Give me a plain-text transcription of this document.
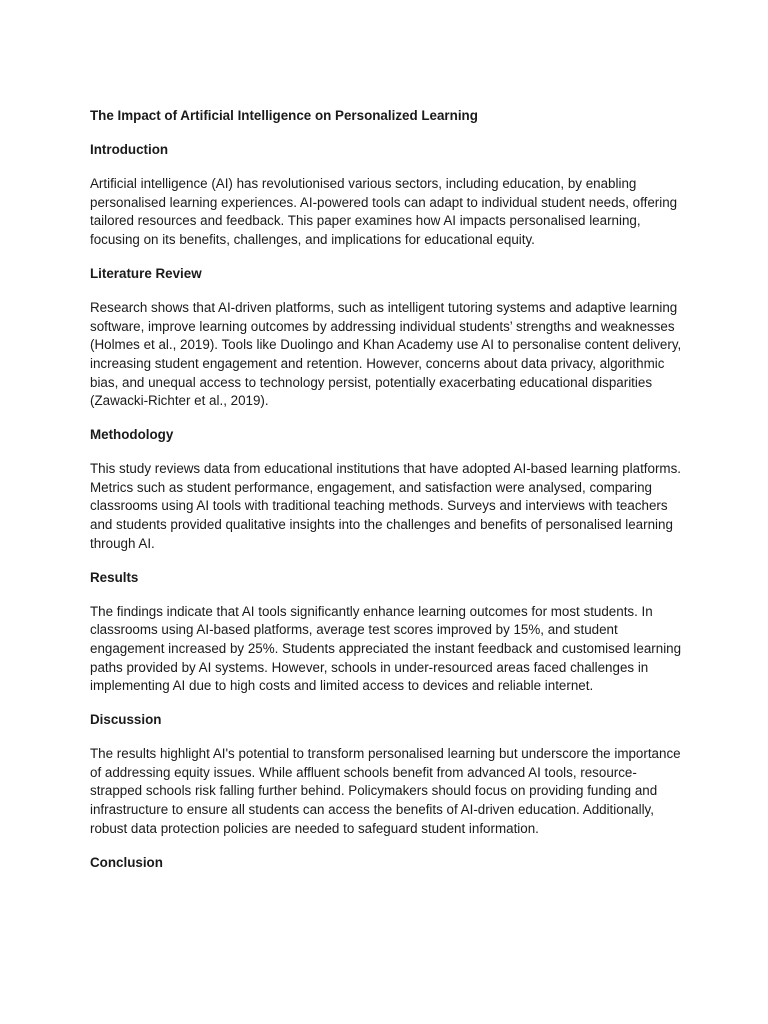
The Impact of Artificial Intelligence on Personalized Learning
Introduction

Artificial intelligence (AI) has revolutionised various sectors, including education, by enabling personalised learning experiences. AI-powered tools can adapt to individual student needs, offering tailored resources and feedback. This paper examines how AI impacts personalised learning, focusing on its benefits, challenges, and implications for educational equity.

Literature Review

Research shows that AI-driven platforms, such as intelligent tutoring systems and adaptive learning software, improve learning outcomes by addressing individual students’ strengths and weaknesses (Holmes et al., 2019). Tools like Duolingo and Khan Academy use AI to personalise content delivery, increasing student engagement and retention. However, concerns about data privacy, algorithmic bias, and unequal access to technology persist, potentially exacerbating educational disparities (Zawacki-Richter et al., 2019).

Methodology

This study reviews data from educational institutions that have adopted AI-based learning platforms. Metrics such as student performance, engagement, and satisfaction were analysed, comparing classrooms using AI tools with traditional teaching methods. Surveys and interviews with teachers and students provided qualitative insights into the challenges and benefits of personalised learning through AI.

Results

The findings indicate that AI tools significantly enhance learning outcomes for most students. In classrooms using AI-based platforms, average test scores improved by 15%, and student engagement increased by 25%. Students appreciated the instant feedback and customised learning paths provided by AI systems. However, schools in under-resourced areas faced challenges in implementing AI due to high costs and limited access to devices and reliable internet.

Discussion

The results highlight AI's potential to transform personalised learning but underscore the importance of addressing equity issues. While affluent schools benefit from advanced AI tools, resource-strapped schools risk falling further behind. Policymakers should focus on providing funding and infrastructure to ensure all students can access the benefits of AI-driven education. Additionally, robust data protection policies are needed to safeguard student information.

Conclusion
